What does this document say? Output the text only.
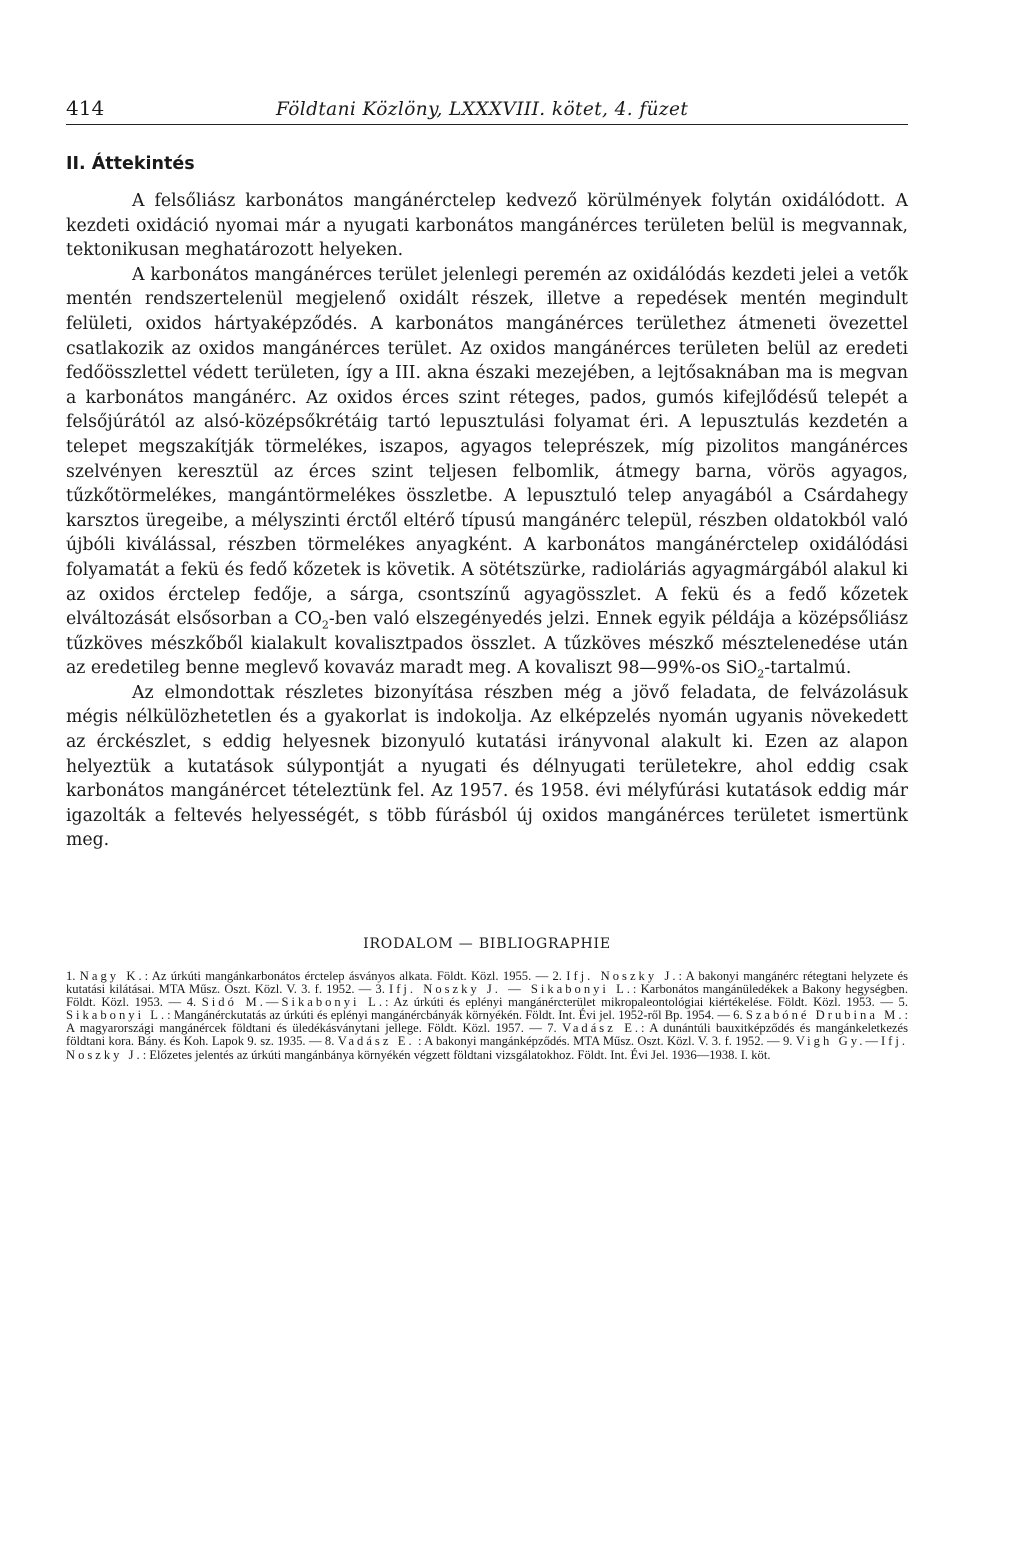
414	Földtani Közlöny, LXXXVIII. kötet, 4. füzet
II. Áttekintés

A felsőliász karbonátos mangánérctelep kedvező körülmények folytán oxidálódott. A kezdeti oxidáció nyomai már a nyugati karbonátos mangánérces területen belül is megvannak, tektonikusan meghatározott helyeken.

A karbonátos mangánérces terület jelenlegi peremén az oxidálódás kezdeti jelei a vetők mentén rendszertelenül megjelenő oxidált részek, illetve a repedések mentén megindult felületi, oxidos hártyaképződés. A karbonátos mangánérces területhez átmeneti övezettel csatlakozik az oxidos mangánérces terület. Az oxidos mangánérces területen belül az eredeti fedőösszlettel védett területen, így a III. akna északi mezejében, a lejtősaknában ma is megvan a karbonátos mangánérc. Az oxidos érces szint réteges, pados, gumós kifejlődésű telepét a felsőjúrától az alsó-középsőkrétáig tartó lepusztulási folyamat éri. A lepusztulás kezdetén a telepet megszakítják törmelékes, iszapos, agyagos teleprészek, míg pizolitos mangánérces szelvényen keresztül az érces szint teljesen felbomlik, átmegy barna, vörös agyagos, tűzkőtörmelékes, mangántörmelékes összletbe. A lepusztuló telep anyagából a Csárdahegy karsztos üregeibe, a mélyszinti érctől eltérő típusú mangánérc települ, részben oldatokból való újbóli kiválással, részben törmelékes anyagként. A karbonátos mangánérctelep oxidálódási folyamatát a fekü és fedő kőzetek is követik. A sötétszürke, radioláriás agyagmárgából alakul ki az oxidos érctelep fedője, a sárga, csontszínű agyagösszlet. A fekü és a fedő kőzetek elváltozását elsősorban a $CO_2$-ben való elszegényedés jelzi. Ennek egyik példája a középsőliász tűzköves mészkőből kialakult kovalisztpados összlet. A tűzköves mészkő mésztelenedése után az eredetileg benne meglevő kovaváz maradt meg. A kovaliszt 98—99%-os SiO$_2$-tartalmú.

Az elmondottak részletes bizonyítása részben még a jövő feladata, de felvázolásuk mégis nélkülözhetetlen és a gyakorlat is indokolja. Az elképzelés nyomán ugyanis növekedett az érckészlet, s eddig helyesnek bizonyuló kutatási irányvonal alakult ki. Ezen az alapon helyeztük a kutatások súlypontját a nyugati és délnyugati területekre, ahol eddig csak karbonátos mangánércet tételeztünk fel. Az 1957. és 1958. évi mélyfúrási kutatások eddig már igazolták a feltevés helyességét, s több fúrásból új oxidos mangánérces területet ismertünk meg.

IRODALOM — BIBLIOGRAPHIE

1. Nagy K.: Az úrkúti mangánkarbonátos érctelep ásványos alkata. Földt. Közl. 1955. — 2. Ifj. Noszky J.: A bakonyi mangánérc rétegtani helyzete és kutatási kilátásai. MTA Műsz. Oszt. Közl. V. 3. f. 1952. — 3. Ifj. Noszky J. — Sikabonyi L.: Karbonátos mangánüledékek a Bakony hegységben. Földt. Közl. 1953. — 4. Sidó M.—Sikabonyi L.: Az úrkúti és eplényi mangánércterület mikropaleontológiai kiértékelése. Földt. Közl. 1953. — 5. Sikabonyi L.: Mangánérckutatás az úrkúti és eplényi mangánércbányák környékén. Földt. Int. Évi jel. 1952-ről Bp. 1954. — 6. Szabóné Drubina M.: A magyarországi mangánércek földtani és üledékásványtani jellege. Földt. Közl. 1957. — 7. Vadász E.: A dunántúli bauxitképződés és mangánkeletkezés földtani kora. Bány. és Koh. Lapok 9. sz. 1935. — 8. Vadász E. : A bakonyi mangánképződés. MTA Műsz. Oszt. Közl. V. 3. f. 1952. — 9. Vigh Gy.—Ifj. Noszky J.: Előzetes jelentés az úrkúti mangánbánya környékén végzett földtani vizsgálatokhoz. Földt. Int. Évi Jel. 1936—1938. I. köt.
